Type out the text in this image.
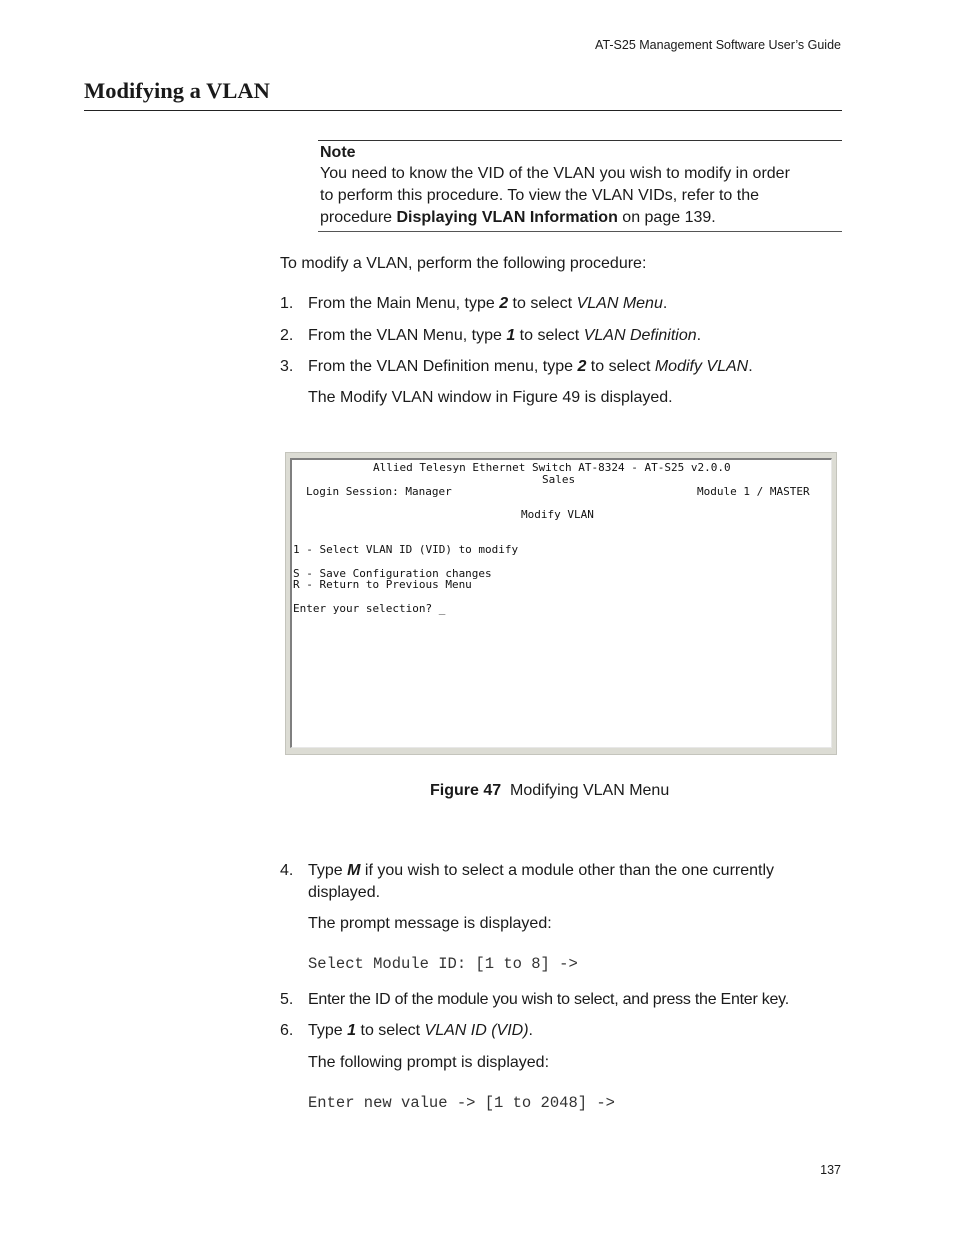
AT-S25 Management Software User’s Guide
Modifying a VLAN
Note
You need to know the VID of the VLAN you wish to modify in order
to perform this procedure. To view the VLAN VIDs, refer to the
procedure Displaying VLAN Information on page 139.
To modify a VLAN, perform the following procedure:
1. From the Main Menu, type 2 to select VLAN Menu.
2. From the VLAN Menu, type 1 to select VLAN Definition.
3. From the VLAN Definition menu, type 2 to select Modify VLAN.
The Modify VLAN window in Figure 49 is displayed.
Allied Telesyn Ethernet Switch AT-8324 - AT-S25 v2.0.0
Sales
Login Session: Manager	Module 1 / MASTER
Modify VLAN
1 - Select VLAN ID (VID) to modify
S - Save Configuration changes
R - Return to Previous Menu
Enter your selection? _
Figure 47 Modifying VLAN Menu
4. Type M if you wish to select a module other than the one currently
displayed.
The prompt message is displayed:
Select Module ID: [1 to 8] ->
5. Enter the ID of the module you wish to select, and press the Enter key.
6. Type 1 to select VLAN ID (VID).
The following prompt is displayed:
Enter new value -> [1 to 2048] ->
137
